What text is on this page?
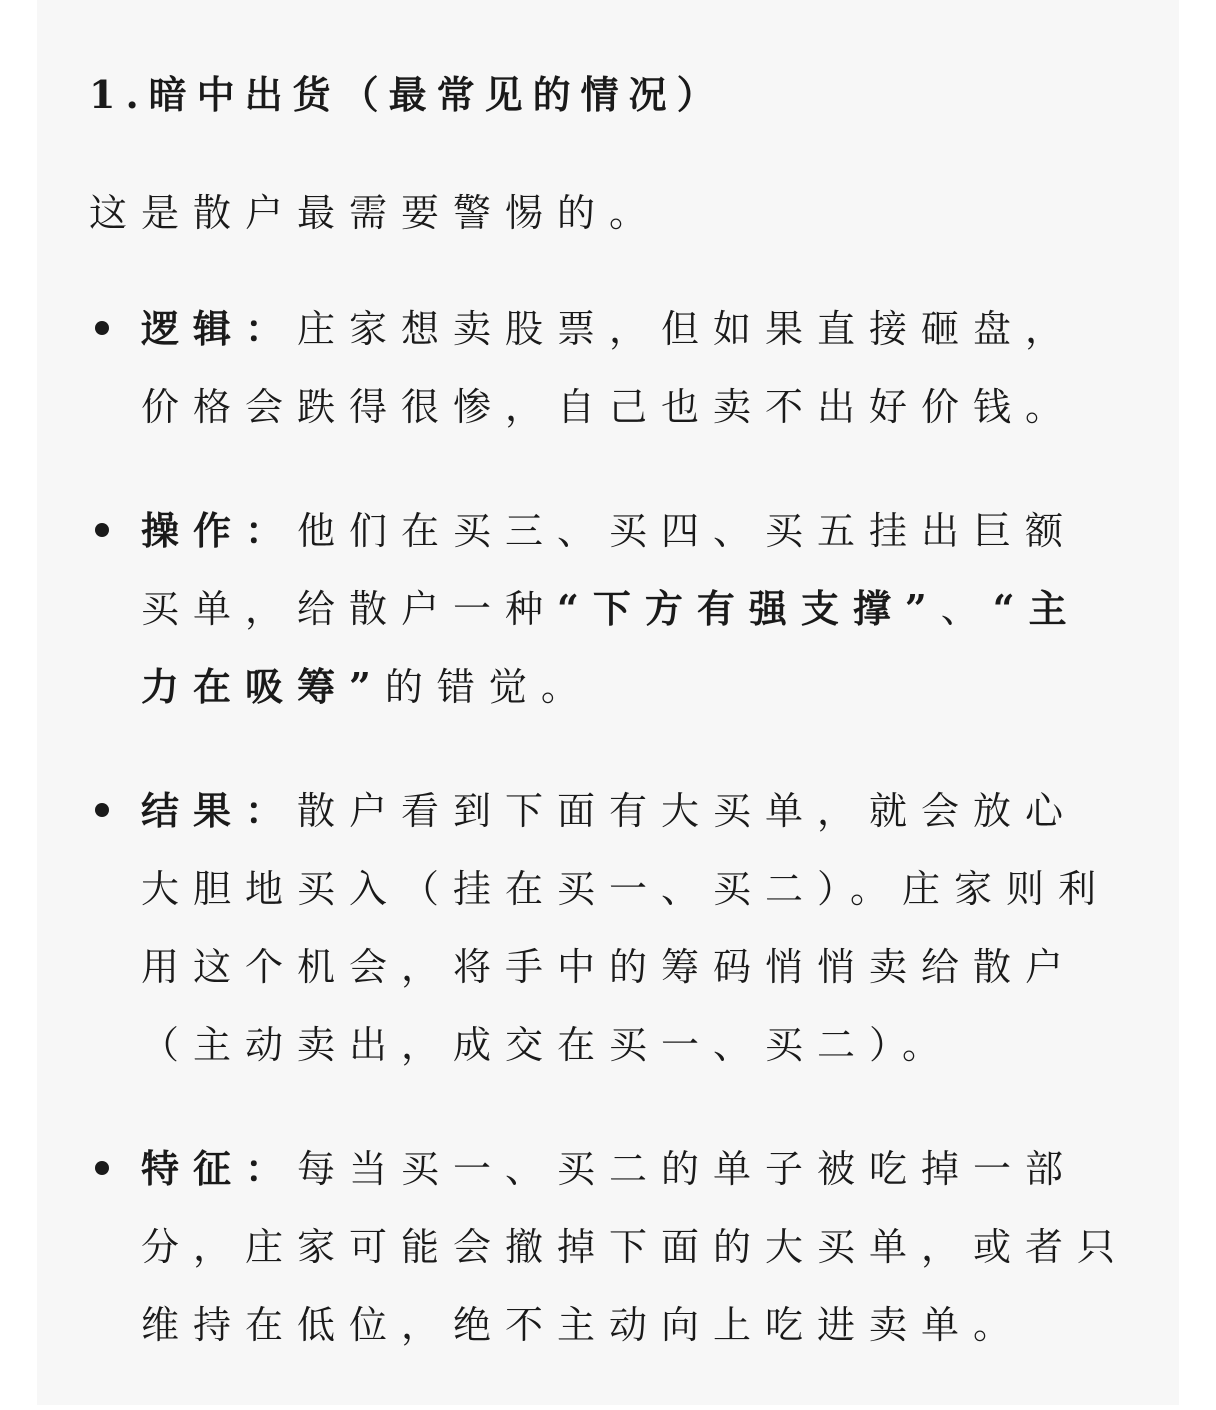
1.暗中出货（最常见的情况）

这是散户最需要警惕的。

逻辑：庄家想卖股票，但如果直接砸盘，价格会跌得很惨，自己也卖不出好价钱。
操作：他们在买三、买四、买五挂出巨额买单，给散户一种“下方有强支撑”、“主力在吸筹”的错觉。
结果：散户看到下面有大买单，就会放心大胆地买入（挂在买一、买二）。庄家则利用这个机会，将手中的筹码悄悄卖给散户（主动卖出，成交在买一、买二）。
特征：每当买一、买二的单子被吃掉一部分，庄家可能会撤掉下面的大买单，或者只维持在低位，绝不主动向上吃进卖单。
